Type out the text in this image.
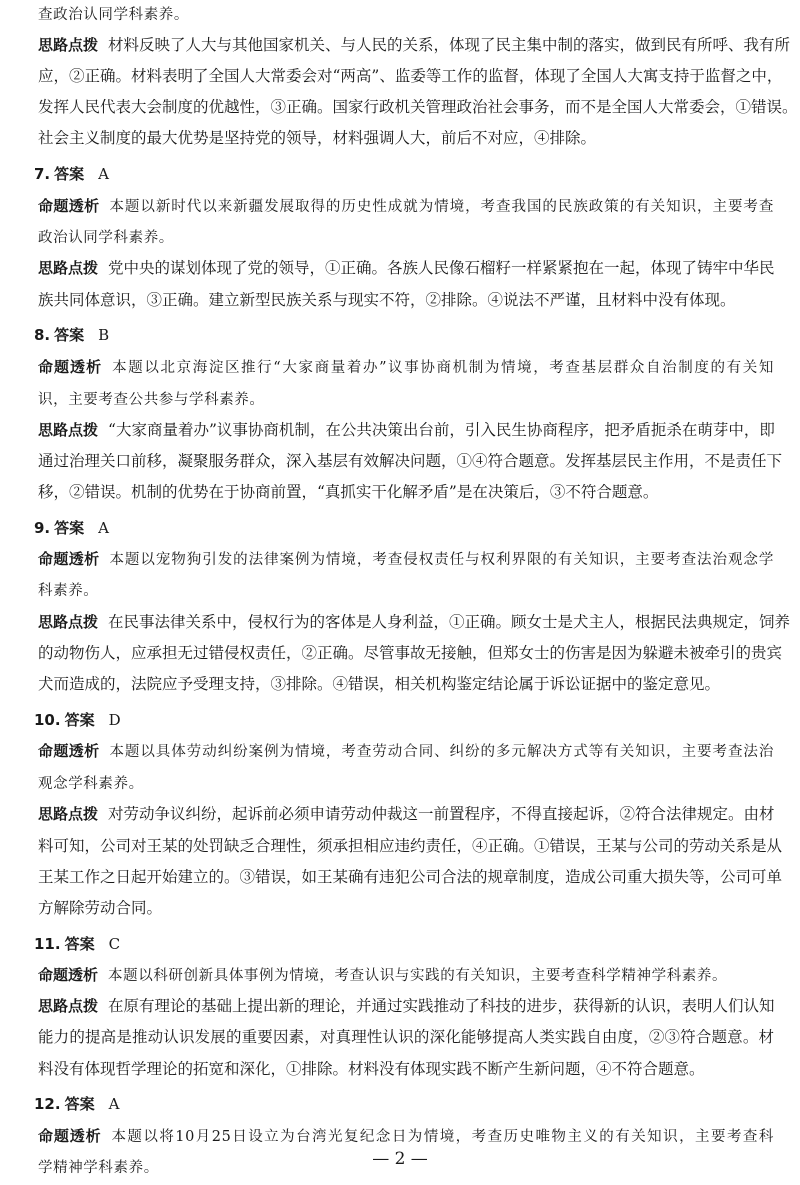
查政治认同学科素养。
思路点拨 材料反映了人大与其他国家机关、与人民的关系，体现了民主集中制的落实，做到民有所呼、我有所
应，②正确。材料表明了全国人大常委会对“两高”、监委等工作的监督，体现了全国人大寓支持于监督之中，
发挥人民代表大会制度的优越性，③正确。国家行政机关管理政治社会事务，而不是全国人大常委会，①错误。
社会主义制度的最大优势是坚持党的领导，材料强调人大，前后不对应，④排除。
7. 答案 A
命题透析 本题以新时代以来新疆发展取得的历史性成就为情境，考查我国的民族政策的有关知识，主要考查
政治认同学科素养。
思路点拨 党中央的谋划体现了党的领导，①正确。各族人民像石榴籽一样紧紧抱在一起，体现了铸牢中华民
族共同体意识，③正确。建立新型民族关系与现实不符，②排除。④说法不严谨，且材料中没有体现。
8. 答案 B
命题透析 本题以北京海淀区推行“大家商量着办”议事协商机制为情境，考查基层群众自治制度的有关知
识，主要考查公共参与学科素养。
思路点拨 “大家商量着办”议事协商机制，在公共决策出台前，引入民生协商程序，把矛盾扼杀在萌芽中，即
通过治理关口前移，凝聚服务群众，深入基层有效解决问题，①④符合题意。发挥基层民主作用，不是责任下
移，②错误。机制的优势在于协商前置，“真抓实干化解矛盾”是在决策后，③不符合题意。
9. 答案 A
命题透析 本题以宠物狗引发的法律案例为情境，考查侵权责任与权利界限的有关知识，主要考查法治观念学
科素养。
思路点拨 在民事法律关系中，侵权行为的客体是人身利益，①正确。顾女士是犬主人，根据民法典规定，饲养
的动物伤人，应承担无过错侵权责任，②正确。尽管事故无接触，但郑女士的伤害是因为躲避未被牵引的贵宾
犬而造成的，法院应予受理支持，③排除。④错误，相关机构鉴定结论属于诉讼证据中的鉴定意见。
10. 答案 D
命题透析 本题以具体劳动纠纷案例为情境，考查劳动合同、纠纷的多元解决方式等有关知识，主要考查法治
观念学科素养。
思路点拨 对劳动争议纠纷，起诉前必须申请劳动仲裁这一前置程序，不得直接起诉，②符合法律规定。由材
料可知，公司对王某的处罚缺乏合理性，须承担相应违约责任，④正确。①错误，王某与公司的劳动关系是从
王某工作之日起开始建立的。③错误，如王某确有违犯公司合法的规章制度，造成公司重大损失等，公司可单
方解除劳动合同。
11. 答案 C
命题透析 本题以科研创新具体事例为情境，考查认识与实践的有关知识，主要考查科学精神学科素养。
思路点拨 在原有理论的基础上提出新的理论，并通过实践推动了科技的进步，获得新的认识，表明人们认知
能力的提高是推动认识发展的重要因素，对真理性认识的深化能够提高人类实践自由度，②③符合题意。材
料没有体现哲学理论的拓宽和深化，①排除。材料没有体现实践不断产生新问题，④不符合题意。
12. 答案 A
命题透析 本题以将10月25日设立为台湾光复纪念日为情境，考查历史唯物主义的有关知识，主要考查科
学精神学科素养。	— 2 —
